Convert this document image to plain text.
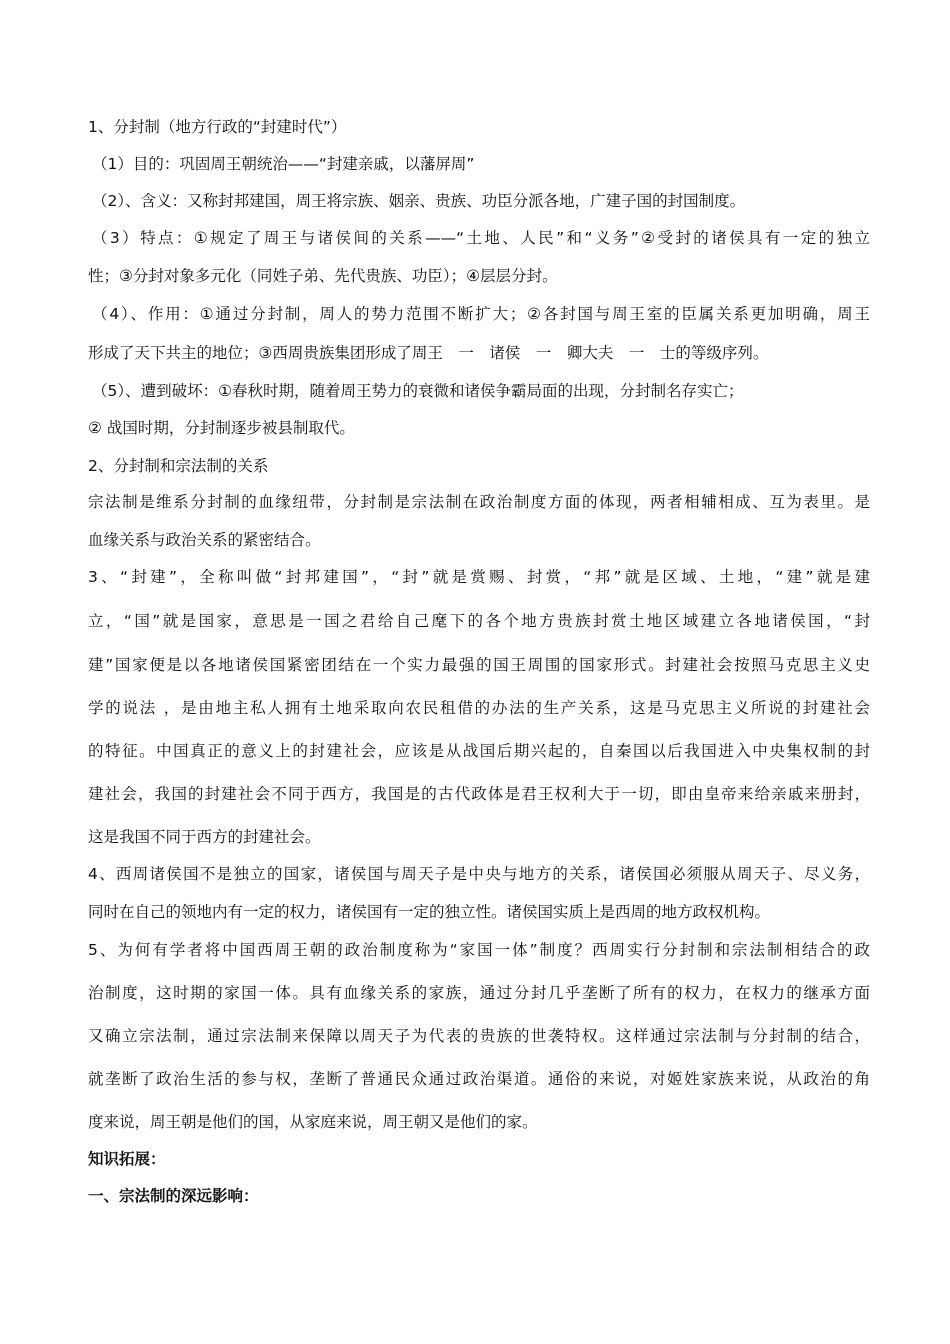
1、分封制（地方行政的“封建时代”）
（1）目的：巩固周王朝统治——“封建亲戚，以藩屏周”
（2）、含义：又称封邦建国，周王将宗族、姻亲、贵族、功臣分派各地，广建子国的封国制度。
（3）特点：①规定了周王与诸侯间的关系——“土地、人民”和“义务”②受封的诸侯具有一定的独立
性；③分封对象多元化（同姓子弟、先代贵族、功臣）；④层层分封。
（4）、作用：①通过分封制，周人的势力范围不断扩大；②各封国与周王室的臣属关系更加明确，周王
形成了天下共主的地位；③西周贵族集团形成了周王　一　诸侯　一　卿大夫　一　士的等级序列。
（5）、遭到破坏：①春秋时期，随着周王势力的衰微和诸侯争霸局面的出现，分封制名存实亡；
② 战国时期，分封制逐步被县制取代。
2、分封制和宗法制的关系
宗法制是维系分封制的血缘纽带，分封制是宗法制在政治制度方面的体现，两者相辅相成、互为表里。是
血缘关系与政治关系的紧密结合。
3、“封建”，全称叫做“封邦建国”，“封”就是赏赐、封赏，“邦”就是区域、土地，“建”就是建
立，“国”就是国家，意思是一国之君给自己麾下的各个地方贵族封赏土地区域建立各地诸侯国，“封
建”国家便是以各地诸侯国紧密团结在一个实力最强的国王周围的国家形式。封建社会按照马克思主义史
学的说法 ，是由地主私人拥有土地采取向农民租借的办法的生产关系，这是马克思主义所说的封建社会
的特征。中国真正的意义上的封建社会，应该是从战国后期兴起的，自秦国以后我国进入中央集权制的封
建社会，我国的封建社会不同于西方，我国是的古代政体是君王权利大于一切，即由皇帝来给亲戚来册封，
这是我国不同于西方的封建社会。
4、西周诸侯国不是独立的国家，诸侯国与周天子是中央与地方的关系，诸侯国必须服从周天子、尽义务，
同时在自己的领地内有一定的权力，诸侯国有一定的独立性。诸侯国实质上是西周的地方政权机构。
5、为何有学者将中国西周王朝的政治制度称为“家国一体”制度？西周实行分封制和宗法制相结合的政
治制度，这时期的家国一体。具有血缘关系的家族，通过分封几乎垄断了所有的权力，在权力的继承方面
又确立宗法制，通过宗法制来保障以周天子为代表的贵族的世袭特权。这样通过宗法制与分封制的结合，
就垄断了政治生活的参与权，垄断了普通民众通过政治渠道。通俗的来说，对姬姓家族来说，从政治的角
度来说，周王朝是他们的国，从家庭来说，周王朝又是他们的家。
知识拓展：
一、宗法制的深远影响：
